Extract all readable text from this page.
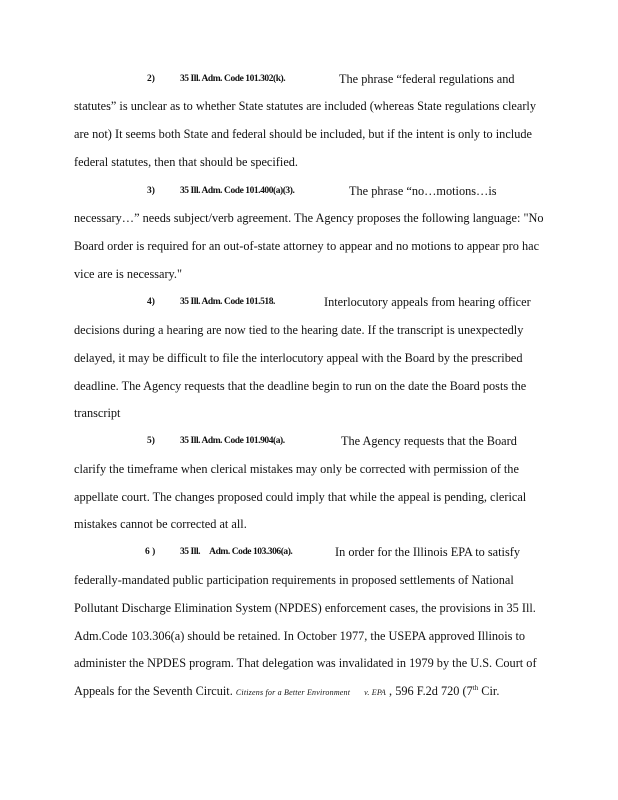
2)	35 Ill. Adm. Code 101.302(k).	The phrase “federal regulations and
statutes” is unclear as to whether State statutes are included (whereas State regulations clearly
are not) It seems both State and federal should be included, but if the intent is only to include
federal statutes, then that should be specified.
3)	35 Ill. Adm. Code 101.400(a)(3).	The phrase “no…motions…is
necessary…” needs subject/verb agreement. The Agency proposes the following language: "No
Board order is required for an out-of-state attorney to appear and no motions to appear pro hac
vice are is necessary."
4)	35 Ill. Adm. Code 101.518.	Interlocutory appeals from hearing officer
decisions during a hearing are now tied to the hearing date. If the transcript is unexpectedly
delayed, it may be difficult to file the interlocutory appeal with the Board by the prescribed
deadline. The Agency requests that the deadline begin to run on the date the Board posts the
transcript
5)	35 Ill. Adm. Code 101.904(a).	The Agency requests that the Board
clarify the timeframe when clerical mistakes may only be corrected with permission of the
appellate court. The changes proposed could imply that while the appeal is pending, clerical
mistakes cannot be corrected at all.
6 )	35 Ill.     Adm. Code 103.306(a).	In order for the Illinois EPA to satisfy
federally-mandated public participation requirements in proposed settlements of National
Pollutant Discharge Elimination System (NPDES) enforcement cases, the provisions in 35 Ill.
Adm.Code 103.306(a) should be retained. In October 1977, the USEPA approved Illinois to
administer the NPDES program. That delegation was invalidated in 1979 by the U.S. Court of
Appeals for the Seventh Circuit. Citizens for a Better Environment v. EPA , 596 F.2d 720 (7th Cir.
